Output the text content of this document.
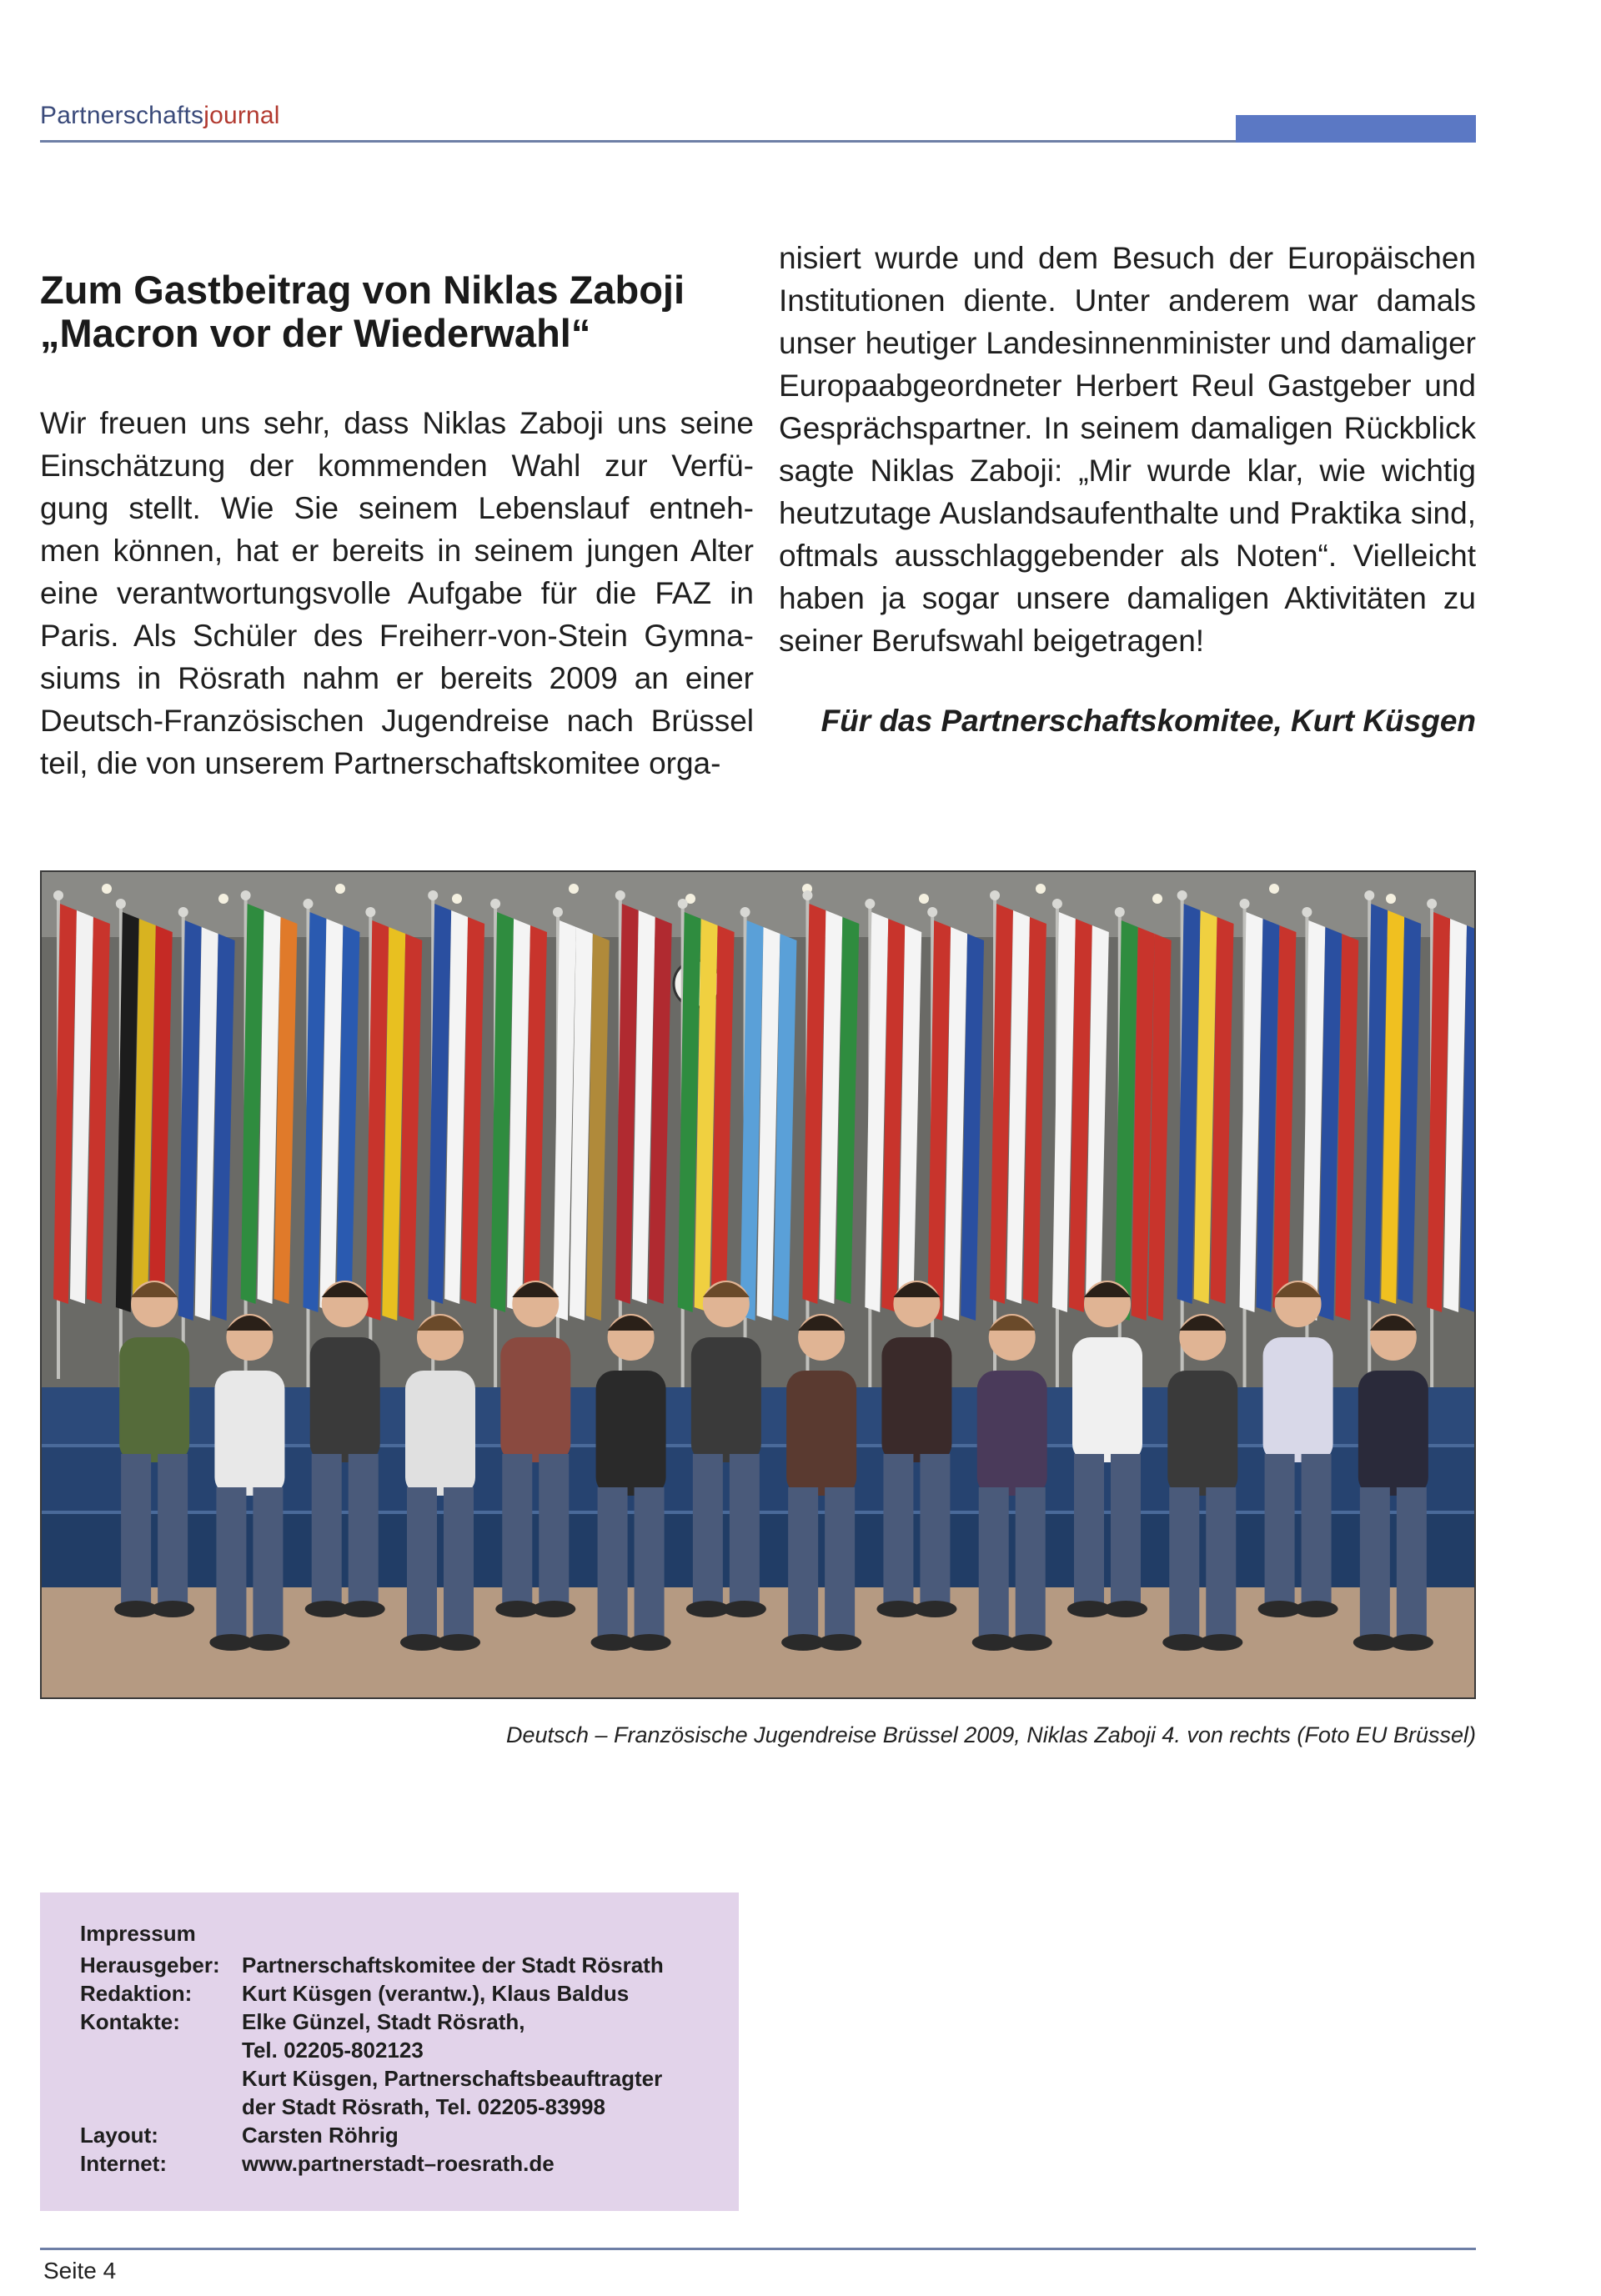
Partnerschaftsjournal
Zum Gastbeitrag von Niklas Zaboji
„Macron vor der Wiederwahl“
Wir freuen uns sehr, dass Niklas Zaboji uns seine
Einschätzung der kommenden Wahl zur Verfü-
gung stellt. Wie Sie seinem Lebenslauf entneh-
men können, hat er bereits in seinem jungen Alter
eine verantwortungsvolle Aufgabe für die FAZ in
Paris. Als Schüler des Freiherr-von-Stein Gymna-
siums in Rösrath nahm er bereits 2009 an einer
Deutsch-Französischen Jugendreise nach Brüssel
teil, die von unserem Partnerschaftskomitee orga-
nisiert wurde und dem Besuch der Europäischen
Institutionen diente. Unter anderem war damals
unser heutiger Landesinnenminister und damaliger
Europaabgeordneter Herbert Reul Gastgeber und
Gesprächspartner. In seinem damaligen Rückblick
sagte Niklas Zaboji: „Mir wurde klar, wie wichtig
heutzutage Auslandsaufenthalte und Praktika sind,
oftmals ausschlaggebender als Noten“. Vielleicht
haben ja sogar unsere damaligen Aktivitäten zu
seiner Berufswahl beigetragen!
Für das Partnerschaftskomitee, Kurt Küsgen
Deutsch – Französische Jugendreise Brüssel 2009, Niklas Zaboji 4. von rechts (Foto EU Brüssel)
Impressum
Herausgeber:	Partnerschaftskomitee der Stadt Rösrath
Redaktion:	Kurt Küsgen (verantw.), Klaus Baldus
Kontakte:	Elke Günzel, Stadt Rösrath,
Tel. 02205-802123
Kurt Küsgen, Partnerschaftsbeauftragter
der Stadt Rösrath, Tel. 02205-83998
Layout:	Carsten Röhrig
Internet:	www.partnerstadt–roesrath.de
Seite 4
